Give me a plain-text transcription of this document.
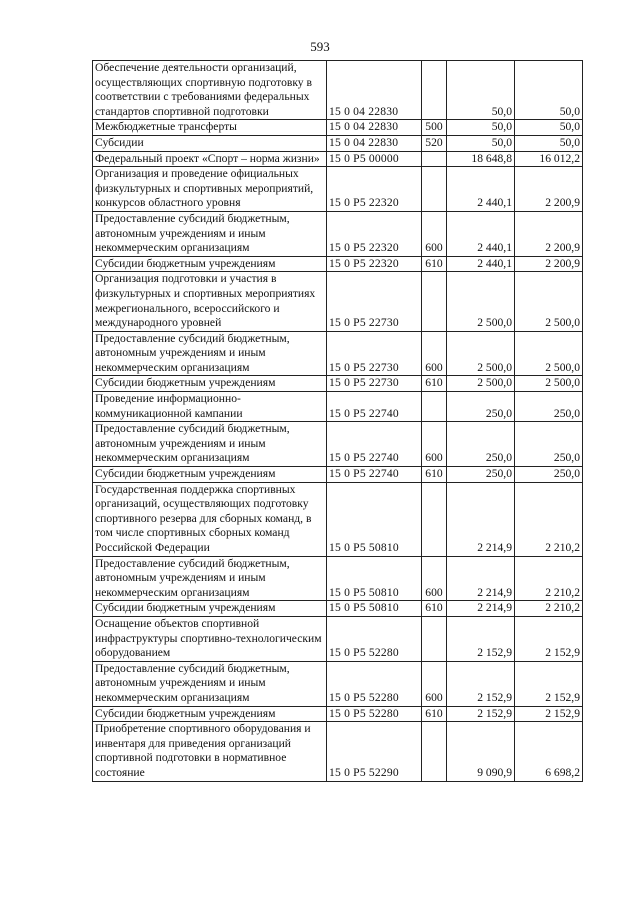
593
Обеспечение деятельности организаций, осуществляющих спортивную подготовку в соответствии с требованиями федеральных стандартов спортивной подготовки	15 0 04 22830		50,0	50,0
Межбюджетные трансферты	15 0 04 22830	500	50,0	50,0
Субсидии	15 0 04 22830	520	50,0	50,0
Федеральный проект «Спорт – норма жизни»	15 0 P5 00000		18 648,8	16 012,2
Организация и проведение официальных физкультурных и спортивных мероприятий, конкурсов областного уровня	15 0 P5 22320		2 440,1	2 200,9
Предоставление субсидий бюджетным, автономным учреждениям и иным некоммерческим организациям	15 0 P5 22320	600	2 440,1	2 200,9
Субсидии бюджетным учреждениям	15 0 P5 22320	610	2 440,1	2 200,9
Организация подготовки и участия в физкультурных и спортивных мероприятиях межрегионального, всероссийского и международного уровней	15 0 P5 22730		2 500,0	2 500,0
Предоставление субсидий бюджетным, автономным учреждениям и иным некоммерческим организациям	15 0 P5 22730	600	2 500,0	2 500,0
Субсидии бюджетным учреждениям	15 0 P5 22730	610	2 500,0	2 500,0
Проведение информационно-коммуникационной кампании	15 0 P5 22740		250,0	250,0
Предоставление субсидий бюджетным, автономным учреждениям и иным некоммерческим организациям	15 0 P5 22740	600	250,0	250,0
Субсидии бюджетным учреждениям	15 0 P5 22740	610	250,0	250,0
Государственная поддержка спортивных организаций, осуществляющих подготовку спортивного резерва для сборных команд, в том числе спортивных сборных команд Российской Федерации	15 0 P5 50810		2 214,9	2 210,2
Предоставление субсидий бюджетным, автономным учреждениям и иным некоммерческим организациям	15 0 P5 50810	600	2 214,9	2 210,2
Субсидии бюджетным учреждениям	15 0 P5 50810	610	2 214,9	2 210,2
Оснащение объектов спортивной инфраструктуры спортивно-технологическим оборудованием	15 0 P5 52280		2 152,9	2 152,9
Предоставление субсидий бюджетным, автономным учреждениям и иным некоммерческим организациям	15 0 P5 52280	600	2 152,9	2 152,9
Субсидии бюджетным учреждениям	15 0 P5 52280	610	2 152,9	2 152,9
Приобретение спортивного оборудования и инвентаря для приведения организаций спортивной подготовки в нормативное состояние	15 0 P5 52290		9 090,9	6 698,2
